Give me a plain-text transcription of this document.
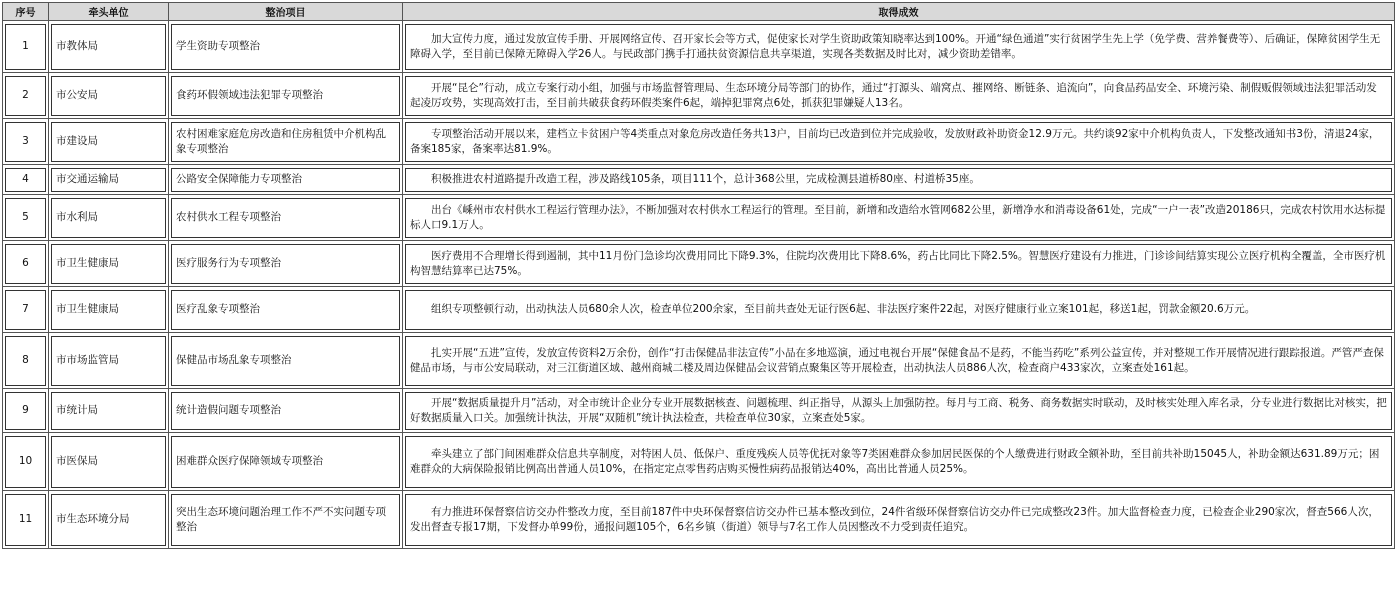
序号	牵头单位	整治项目	取得成效

1	市教体局	学生资助专项整治	加大宣传力度，通过发放宣传手册、开展网络宣传、召开家长会等方式，促使家长对学生资助政策知晓率达到100%。开通“绿色通道”实行贫困学生先上学（免学费、营养餐费等）、后确证，保障贫困学生无障碍入学，至目前已保障无障碍入学26人。与民政部门携手打通扶贫资源信息共享渠道，实现各类数据及时比对，减少资助差错率。

2	市公安局	食药环假领域违法犯罪专项整治	开展“昆仑”行动，成立专案行动小组，加强与市场监督管理局、生态环境分局等部门的协作，通过“打源头、端窝点、摧网络、断链条、追流向”，向食品药品安全、环境污染、制假贩假领域违法犯罪活动发起凌厉攻势，实现高效打击，至目前共破获食药环假类案件6起，端掉犯罪窝点6处，抓获犯罪嫌疑人13名。

3	市建设局	农村困难家庭危房改造和住房租赁中介机构乱象专项整治	专项整治活动开展以来，建档立卡贫困户等4类重点对象危房改造任务共13户，目前均已改造到位并完成验收，发放财政补助资金12.9万元。共约谈92家中介机构负责人，下发整改通知书3份，清退24家，备案185家，备案率达81.9%。

4	市交通运输局	公路安全保障能力专项整治	积极推进农村道路提升改造工程，涉及路线105条，项目111个，总计368公里，完成检测县道桥80座、村道桥35座。

5	市水利局	农村供水工程专项整治	出台《嵊州市农村供水工程运行管理办法》，不断加强对农村供水工程运行的管理。至目前，新增和改造给水管网682公里，新增净水和消毒设备61处，完成“一户一表”改造20186只，完成农村饮用水达标提标人口9.1万人。

6	市卫生健康局	医疗服务行为专项整治	医疗费用不合理增长得到遏制，其中11月份门急诊均次费用同比下降9.3%，住院均次费用比下降8.6%，药占比同比下降2.5%。智慧医疗建设有力推进，门诊诊间结算实现公立医疗机构全覆盖，全市医疗机构智慧结算率已达75%。

7	市卫生健康局	医疗乱象专项整治	组织专项整顿行动，出动执法人员680余人次，检查单位200余家，至目前共查处无证行医6起、非法医疗案件22起，对医疗健康行业立案101起，移送1起，罚款金额20.6万元。

8	市市场监管局	保健品市场乱象专项整治	扎实开展“五进”宣传，发放宣传资料2万余份，创作“打击保健品非法宣传”小品在多地巡演，通过电视台开展“保健食品不是药，不能当药吃”系列公益宣传，并对整规工作开展情况进行跟踪报道。严管严查保健品市场，与市公安局联动，对三江街道区域、越州商城二楼及周边保健品会议营销点聚集区等开展检查，出动执法人员886人次，检查商户433家次，立案查处161起。

9	市统计局	统计造假问题专项整治	开展“数据质量提升月”活动，对全市统计企业分专业开展数据核查、问题梳理、纠正指导，从源头上加强防控。每月与工商、税务、商务数据实时联动，及时核实处理入库名录，分专业进行数据比对核实，把好数据质量入口关。加强统计执法，开展“双随机”统计执法检查，共检查单位30家，立案查处5家。

10	市医保局	困难群众医疗保障领域专项整治	牵头建立了部门间困难群众信息共享制度，对特困人员、低保户、重度残疾人员等优抚对象等7类困难群众参加居民医保的个人缴费进行财政全额补助，至目前共补助15045人，补助金额达631.89万元；困难群众的大病保险报销比例高出普通人员10%，在指定定点零售药店购买慢性病药品报销达40%，高出比普通人员25%。

11	市生态环境分局	突出生态环境问题治理工作不严不实问题专项整治	有力推进环保督察信访交办件整改力度，至目前187件中央环保督察信访交办件已基本整改到位，24件省级环保督察信访交办件已完成整改23件。加大监督检查力度，已检查企业290家次，督查566人次，发出督查专报17期，下发督办单99份，通报问题105个，6名乡镇（街道）领导与7名工作人员因整改不力受到责任追究。
